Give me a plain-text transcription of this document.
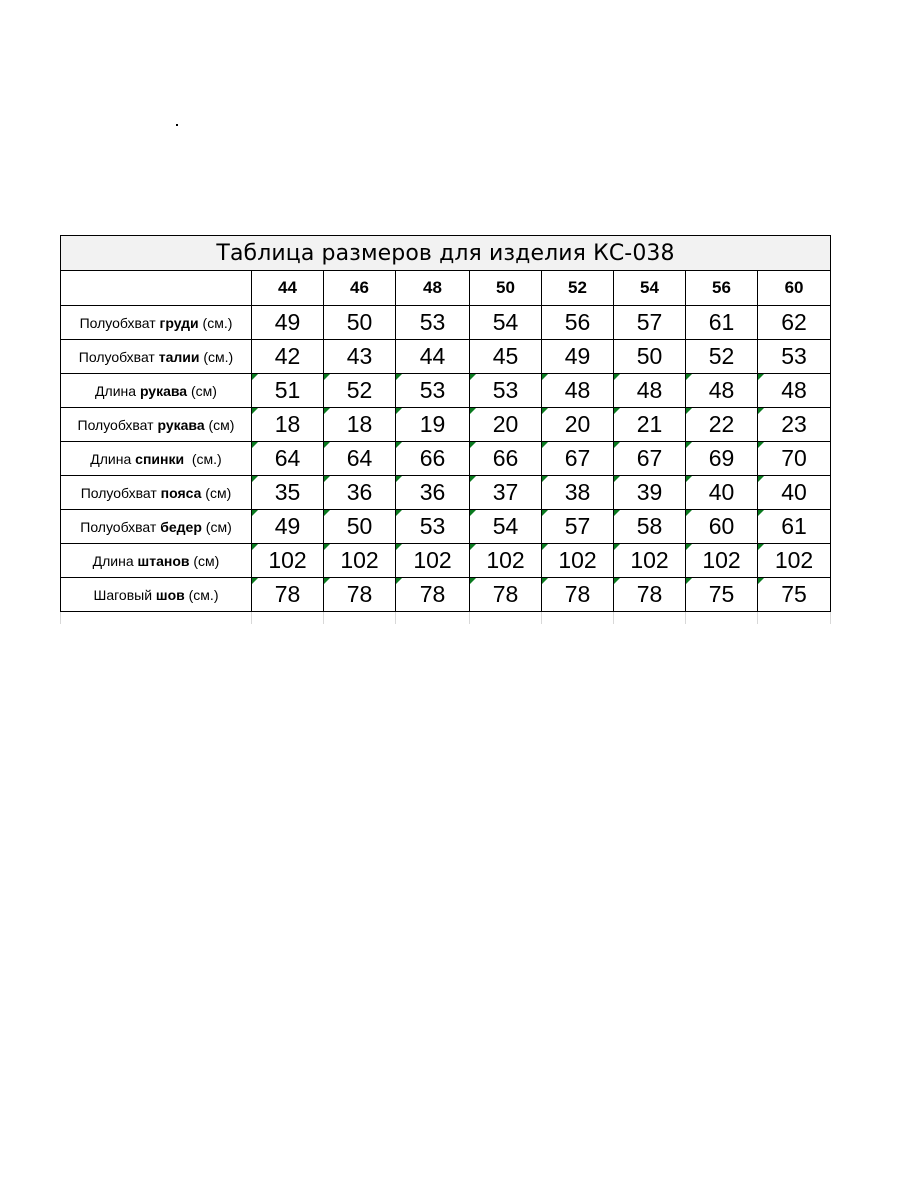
Таблица размеров для изделия КС-038								
	44	46	48	50	52	54	56	60
Полуобхват груди (см.)	49	50	53	54	56	57	61	62
Полуобхват талии (см.)	42	43	44	45	49	50	52	53
Длина рукава (см)	51	52	53	53	48	48	48	48
Полуобхват рукава (см)	18	18	19	20	20	21	22	23
Длина спинки  (см.)	64	64	66	66	67	67	69	70
Полуобхват пояса (см)	35	36	36	37	38	39	40	40
Полуобхват бедер (см)	49	50	53	54	57	58	60	61
Длина штанов (см)	102	102	102	102	102	102	102	102
Шаговый шов (см.)	78	78	78	78	78	78	75	75
